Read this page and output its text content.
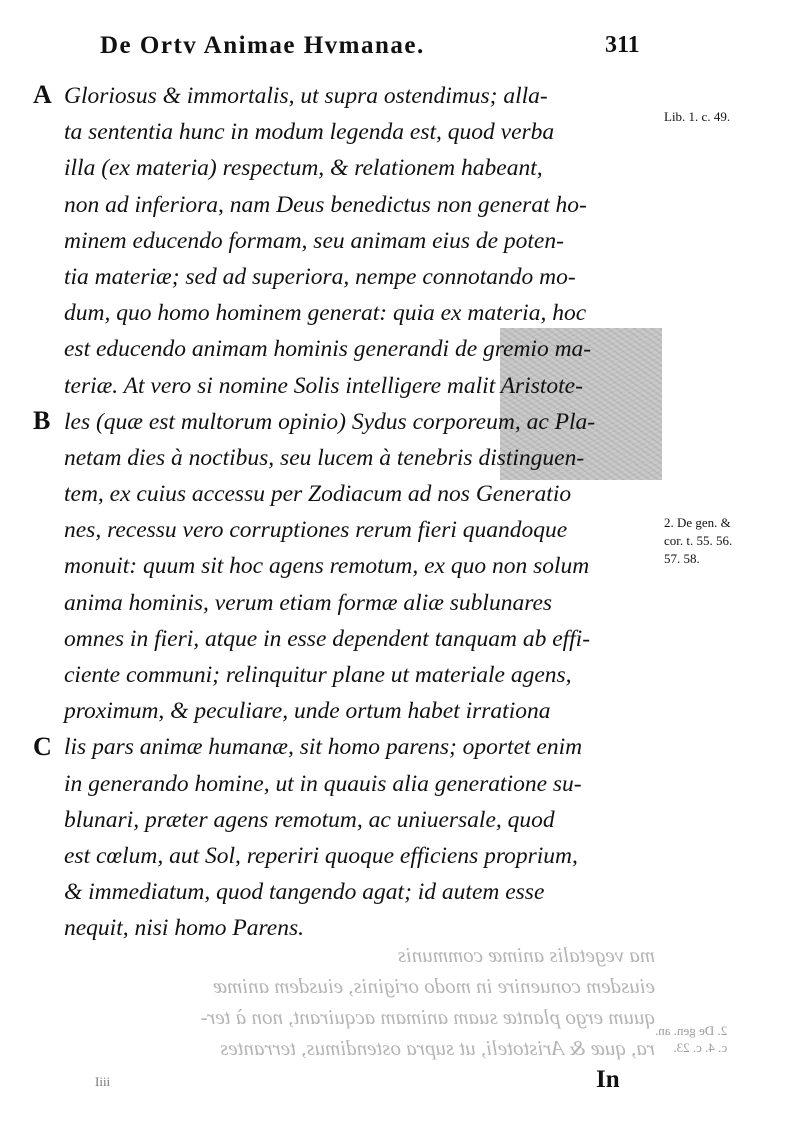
De Ortv Animae Hvmanae.	311
Gloriosus & immortalis, ut supra ostendimus; alla-
ta sententia hunc in modum legenda est, quod verba
illa (ex materia) respectum, & relationem habeant,
non ad inferiora, nam Deus benedictus non generat ho-
minem educendo formam, seu animam eius de poten-
tia materiæ; sed ad superiora, nempe connotando mo-
dum, quo homo hominem generat: quia ex materia, hoc
est educendo animam hominis generandi de gremio ma-
teriæ. At vero si nomine Solis intelligere malit Aristote-
les (quæ est multorum opinio) Sydus corporeum, ac Pla-
netam dies à noctibus, seu lucem à tenebris distinguen-
tem, ex cuius accessu per Zodiacum ad nos Generatio
nes, recessu vero corruptiones rerum fieri quandoque
monuit: quum sit hoc agens remotum, ex quo non solum
anima hominis, verum etiam formæ aliæ sublunares
omnes in fieri, atque in esse dependent tanquam ab effi-
ciente communi; relinquitur plane ut materiale agens,
proximum, & peculiare, unde ortum habet irrationa
lis pars animæ humanæ, sit homo parens; oportet enim
in generando homine, ut in quauis alia generatione su-
blunari, præter agens remotum, ac uniuersale, quod
est cœlum, aut Sol, reperiri quoque efficiens proprium,
& immediatum, quod tangendo agat; id autem esse
nequit, nisi homo Parens.
A
B
C
Lib. 1. c. 49.
2. De gen. &
cor. t. 55. 56.
57. 58.
ma vegetalis animæ communis
eiusdem conuenire in modo originis, eiusdem animæ
quum ergo plantæ suam animam acquirant, non à ter-
ra, quæ & Aristoteli, ut supra ostendimus, terrantes
2. De gen. an.
c. 4. c. 23.
Iiii	In
